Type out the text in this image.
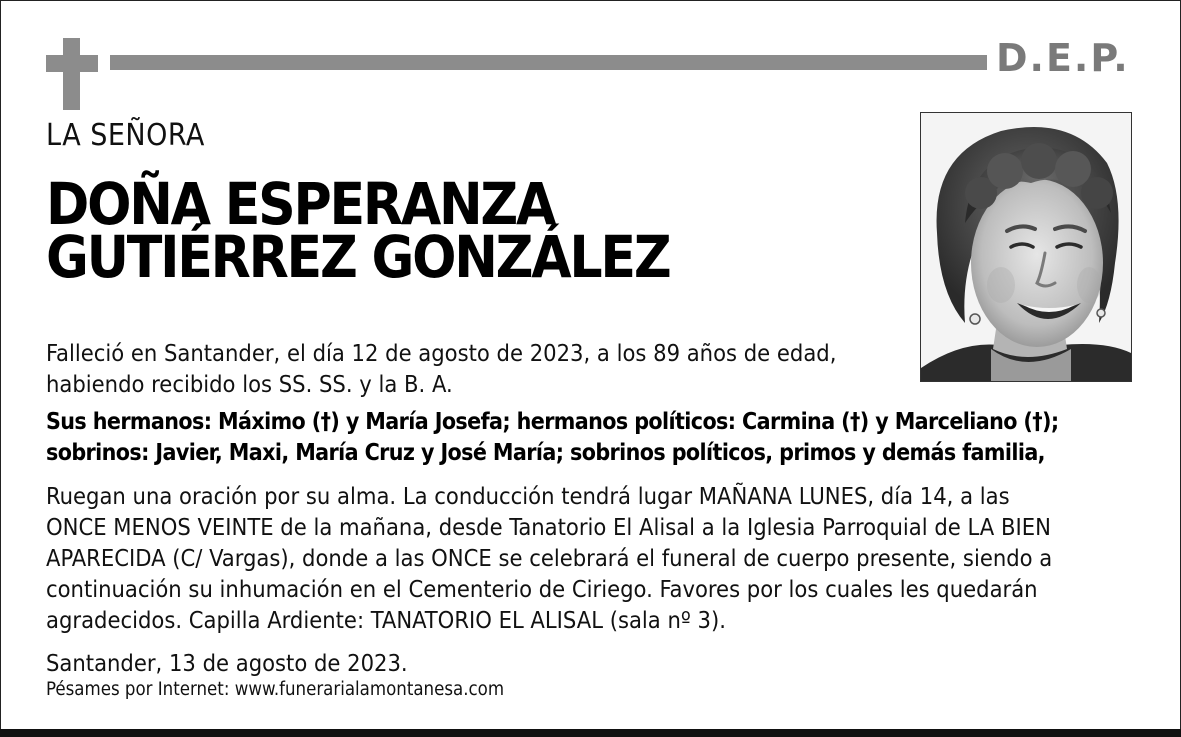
D.E.P.
LA SEÑORA
DOÑA ESPERANZA
GUTIÉRREZ GONZÁLEZ
Falleció en Santander, el día 12 de agosto de 2023, a los 89 años de edad,
habiendo recibido los SS. SS. y la B. A.
Sus hermanos: Máximo (†) y María Josefa; hermanos políticos: Carmina (†) y Marceliano (†);
sobrinos: Javier, Maxi, María Cruz y José María; sobrinos políticos, primos y demás familia,
Ruegan una oración por su alma. La conducción tendrá lugar MAÑANA LUNES, día 14, a las
ONCE MENOS VEINTE de la mañana, desde Tanatorio El Alisal a la Iglesia Parroquial de LA BIEN
APARECIDA (C/ Vargas), donde a las ONCE se celebrará el funeral de cuerpo presente, siendo a
continuación su inhumación en el Cementerio de Ciriego. Favores por los cuales les quedarán
agradecidos. Capilla Ardiente: TANATORIO EL ALISAL (sala nº 3).
Santander, 13 de agosto de 2023.
Pésames por Internet: www.funerarialamontanesa.com
